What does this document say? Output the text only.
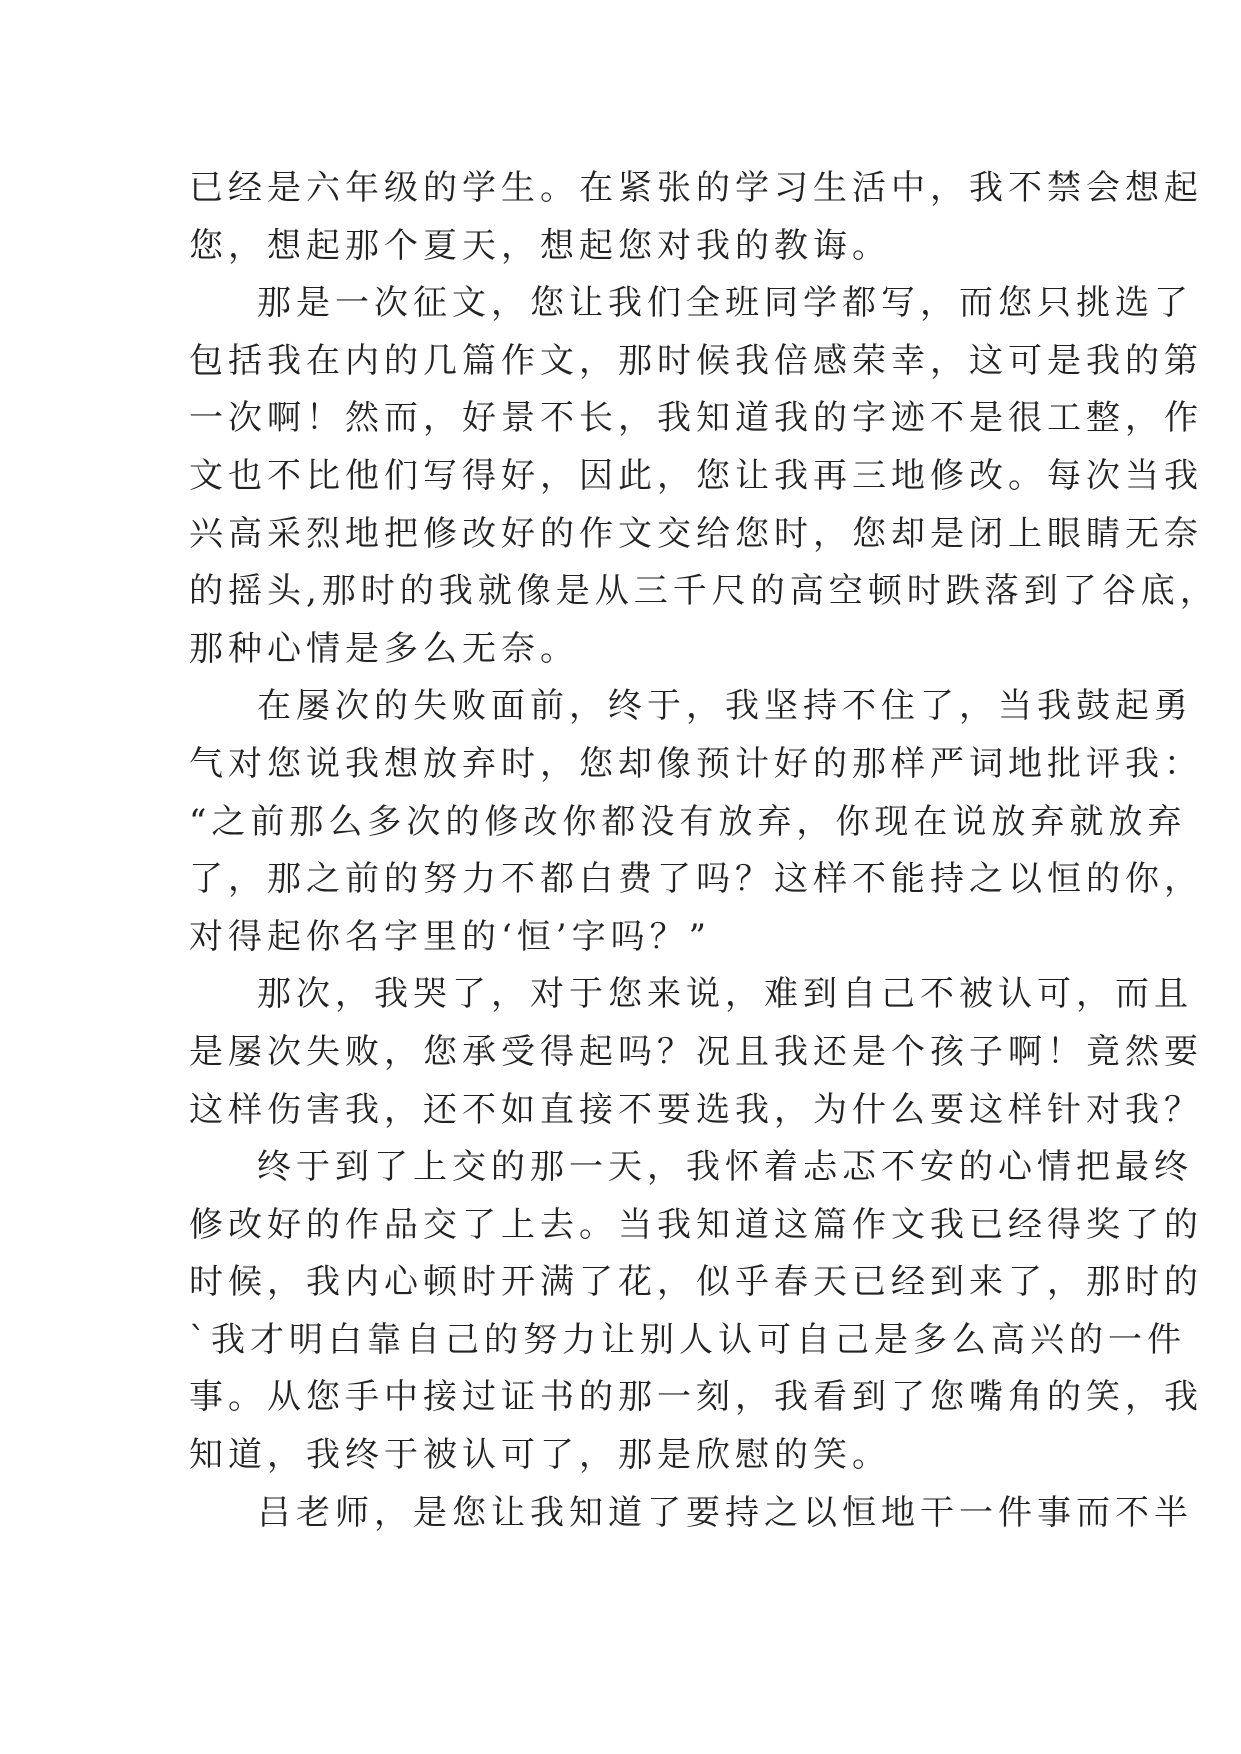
已经是六年级的学生。在紧张的学习生活中，我不禁会想起
您，想起那个夏天，想起您对我的教诲。
那是一次征文，您让我们全班同学都写，而您只挑选了
包括我在内的几篇作文，那时候我倍感荣幸，这可是我的第
一次啊！然而，好景不长，我知道我的字迹不是很工整，作
文也不比他们写得好，因此，您让我再三地修改。每次当我
兴高采烈地把修改好的作文交给您时，您却是闭上眼睛无奈
的摇头,那时的我就像是从三千尺的高空顿时跌落到了谷底，
那种心情是多么无奈。
在屡次的失败面前，终于，我坚持不住了，当我鼓起勇
气对您说我想放弃时，您却像预计好的那样严词地批评我：
“之前那么多次的修改你都没有放弃，你现在说放弃就放弃
了，那之前的努力不都白费了吗？这样不能持之以恒的你，
对得起你名字里的‘恒’字吗？”
那次，我哭了，对于您来说，难到自己不被认可，而且
是屡次失败，您承受得起吗？况且我还是个孩子啊！竟然要
这样伤害我，还不如直接不要选我，为什么要这样针对我？
终于到了上交的那一天，我怀着忐忑不安的心情把最终
修改好的作品交了上去。当我知道这篇作文我已经得奖了的
时候，我内心顿时开满了花，似乎春天已经到来了，那时的
`我才明白靠自己的努力让别人认可自己是多么高兴的一件
事。从您手中接过证书的那一刻，我看到了您嘴角的笑，我
知道，我终于被认可了，那是欣慰的笑。
吕老师，是您让我知道了要持之以恒地干一件事而不半
